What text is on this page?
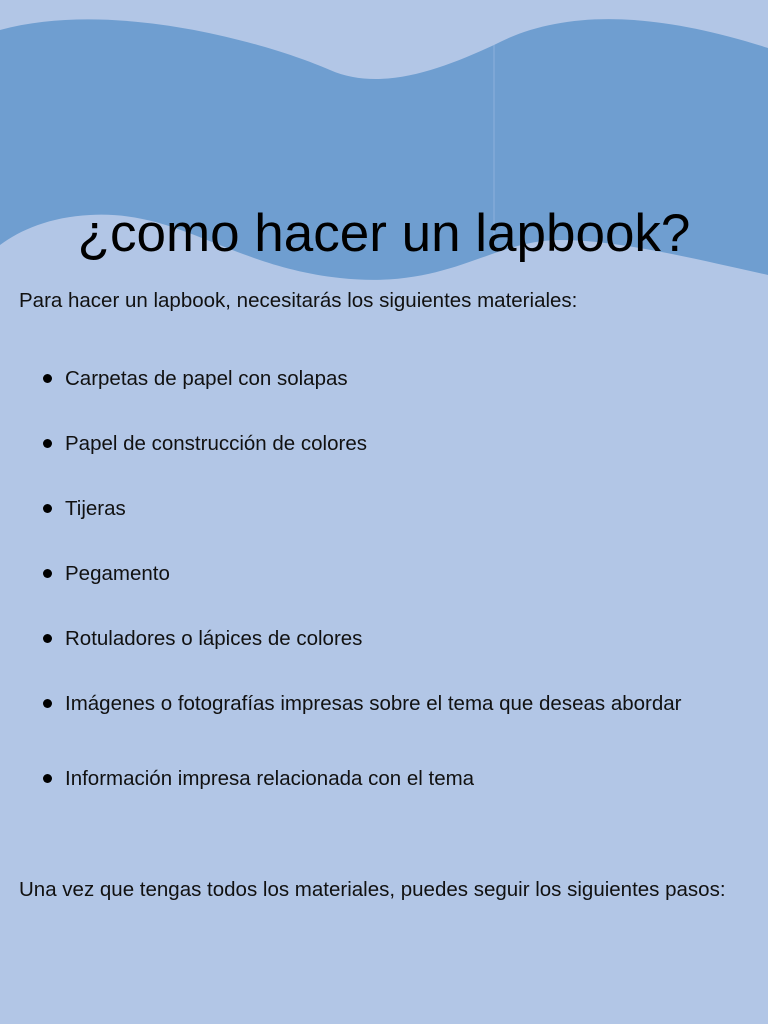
¿como hacer un lapbook?

Para hacer un lapbook, necesitarás los siguientes materiales:

Carpetas de papel con solapas
Papel de construcción de colores
Tijeras
Pegamento
Rotuladores o lápices de colores
Imágenes o fotografías impresas sobre el tema que deseas abordar
Información impresa relacionada con el tema

Una vez que tengas todos los materiales, puedes seguir los siguientes pasos:
